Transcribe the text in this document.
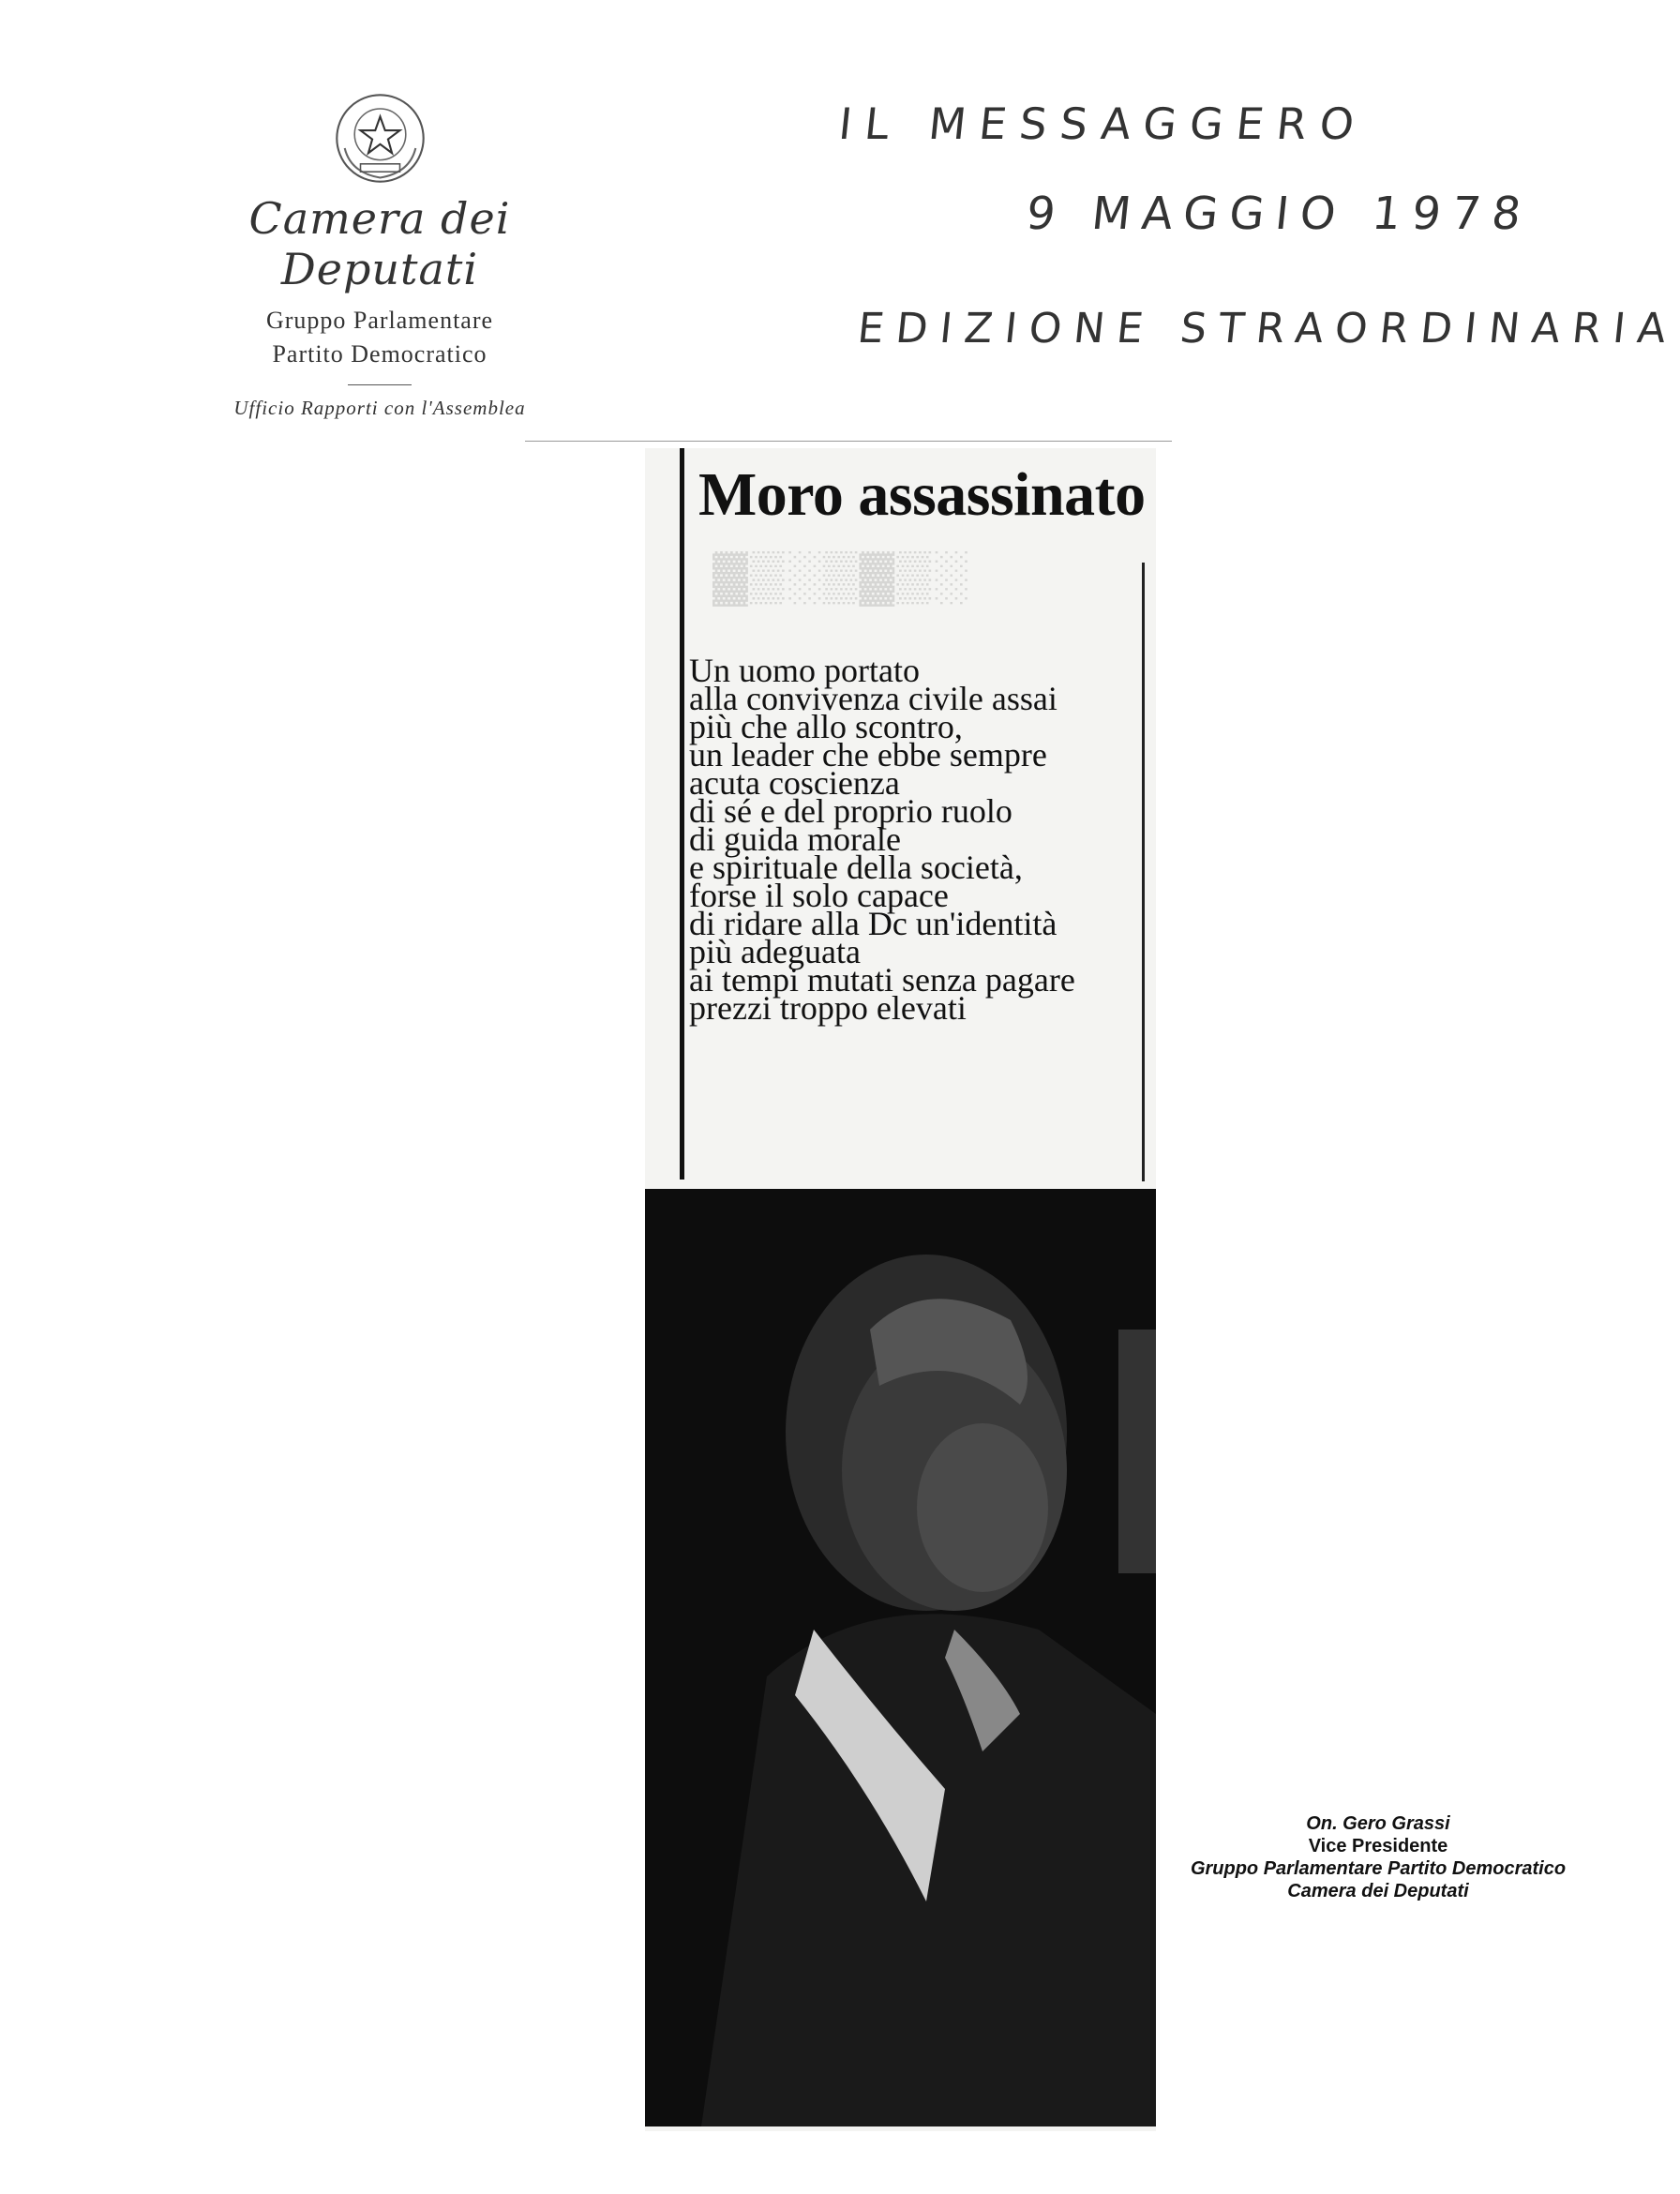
Camera dei Deputati
Gruppo Parlamentare
Partito Democratico
Ufficio Rapporti con l'Assemblea
IL MESSAGGERO
9 MAGGIO 1978
EDIZIONE STRAORDINARIA
▓▒░▒▓▒░
Moro assassinato
Un uomo portato
alla convivenza civile assai
più che allo scontro,
un leader che ebbe sempre
acuta coscienza
di sé e del proprio ruolo
di guida morale
e spirituale della società,
forse il solo capace
di ridare alla Dc un'identità
più adeguata
ai tempi mutati senza pagare
prezzi troppo elevati
On. Gero Grassi
Vice Presidente
Gruppo Parlamentare Partito Democratico
Camera dei Deputati
